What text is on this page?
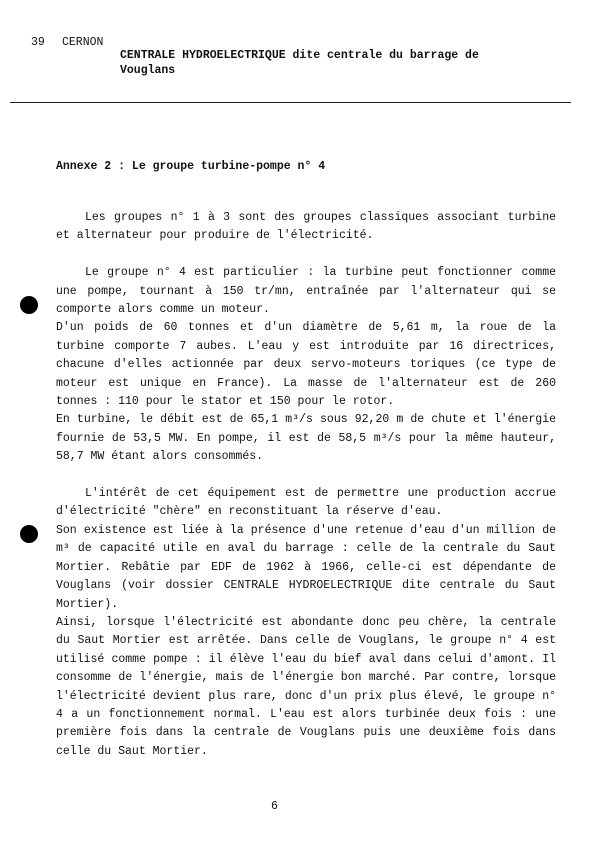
39 CERNON
CENTRALE HYDROELECTRIQUE dite centrale du barrage de Vouglans
Annexe 2 : Le groupe turbine-pompe n° 4

Les groupes n° 1 à 3 sont des groupes classiques associant turbine et alternateur pour produire de l'électricité.

Le groupe n° 4 est particulier : la turbine peut fonctionner comme une pompe, tournant à 150 tr/mn, entraînée par l'alternateur qui se comporte alors comme un moteur.

D'un poids de 60 tonnes et d'un diamètre de 5,61 m, la roue de la turbine comporte 7 aubes. L'eau y est introduite par 16 directrices, chacune d'elles actionnée par deux servo-moteurs toriques (ce type de moteur est unique en France). La masse de l'alternateur est de 260 tonnes : 110 pour le stator et 150 pour le rotor.

En turbine, le débit est de 65,1 m³/s sous 92,20 m de chute et l'énergie fournie de 53,5 MW. En pompe, il est de 58,5 m³/s pour la même hauteur, 58,7 MW étant alors consommés.

L'intérêt de cet équipement est de permettre une production accrue d'électricité "chère" en reconstituant la réserve d'eau.

Son existence est liée à la présence d'une retenue d'eau d'un million de m³ de capacité utile en aval du barrage : celle de la centrale du Saut Mortier. Rebâtie par EDF de 1962 à 1966, celle-ci est dépendante de Vouglans (voir dossier CENTRALE HYDROELECTRIQUE dite centrale du Saut Mortier).

Ainsi, lorsque l'électricité est abondante donc peu chère, la centrale du Saut Mortier est arrêtée. Dans celle de Vouglans, le groupe n° 4 est utilisé comme pompe : il élève l'eau du bief aval dans celui d'amont. Il consomme de l'énergie, mais de l'énergie bon marché. Par contre, lorsque l'électricité devient plus rare, donc d'un prix plus élevé, le groupe n° 4 a un fonctionnement normal. L'eau est alors turbinée deux fois : une première fois dans la centrale de Vouglans puis une deuxième fois dans celle du Saut Mortier.

6
